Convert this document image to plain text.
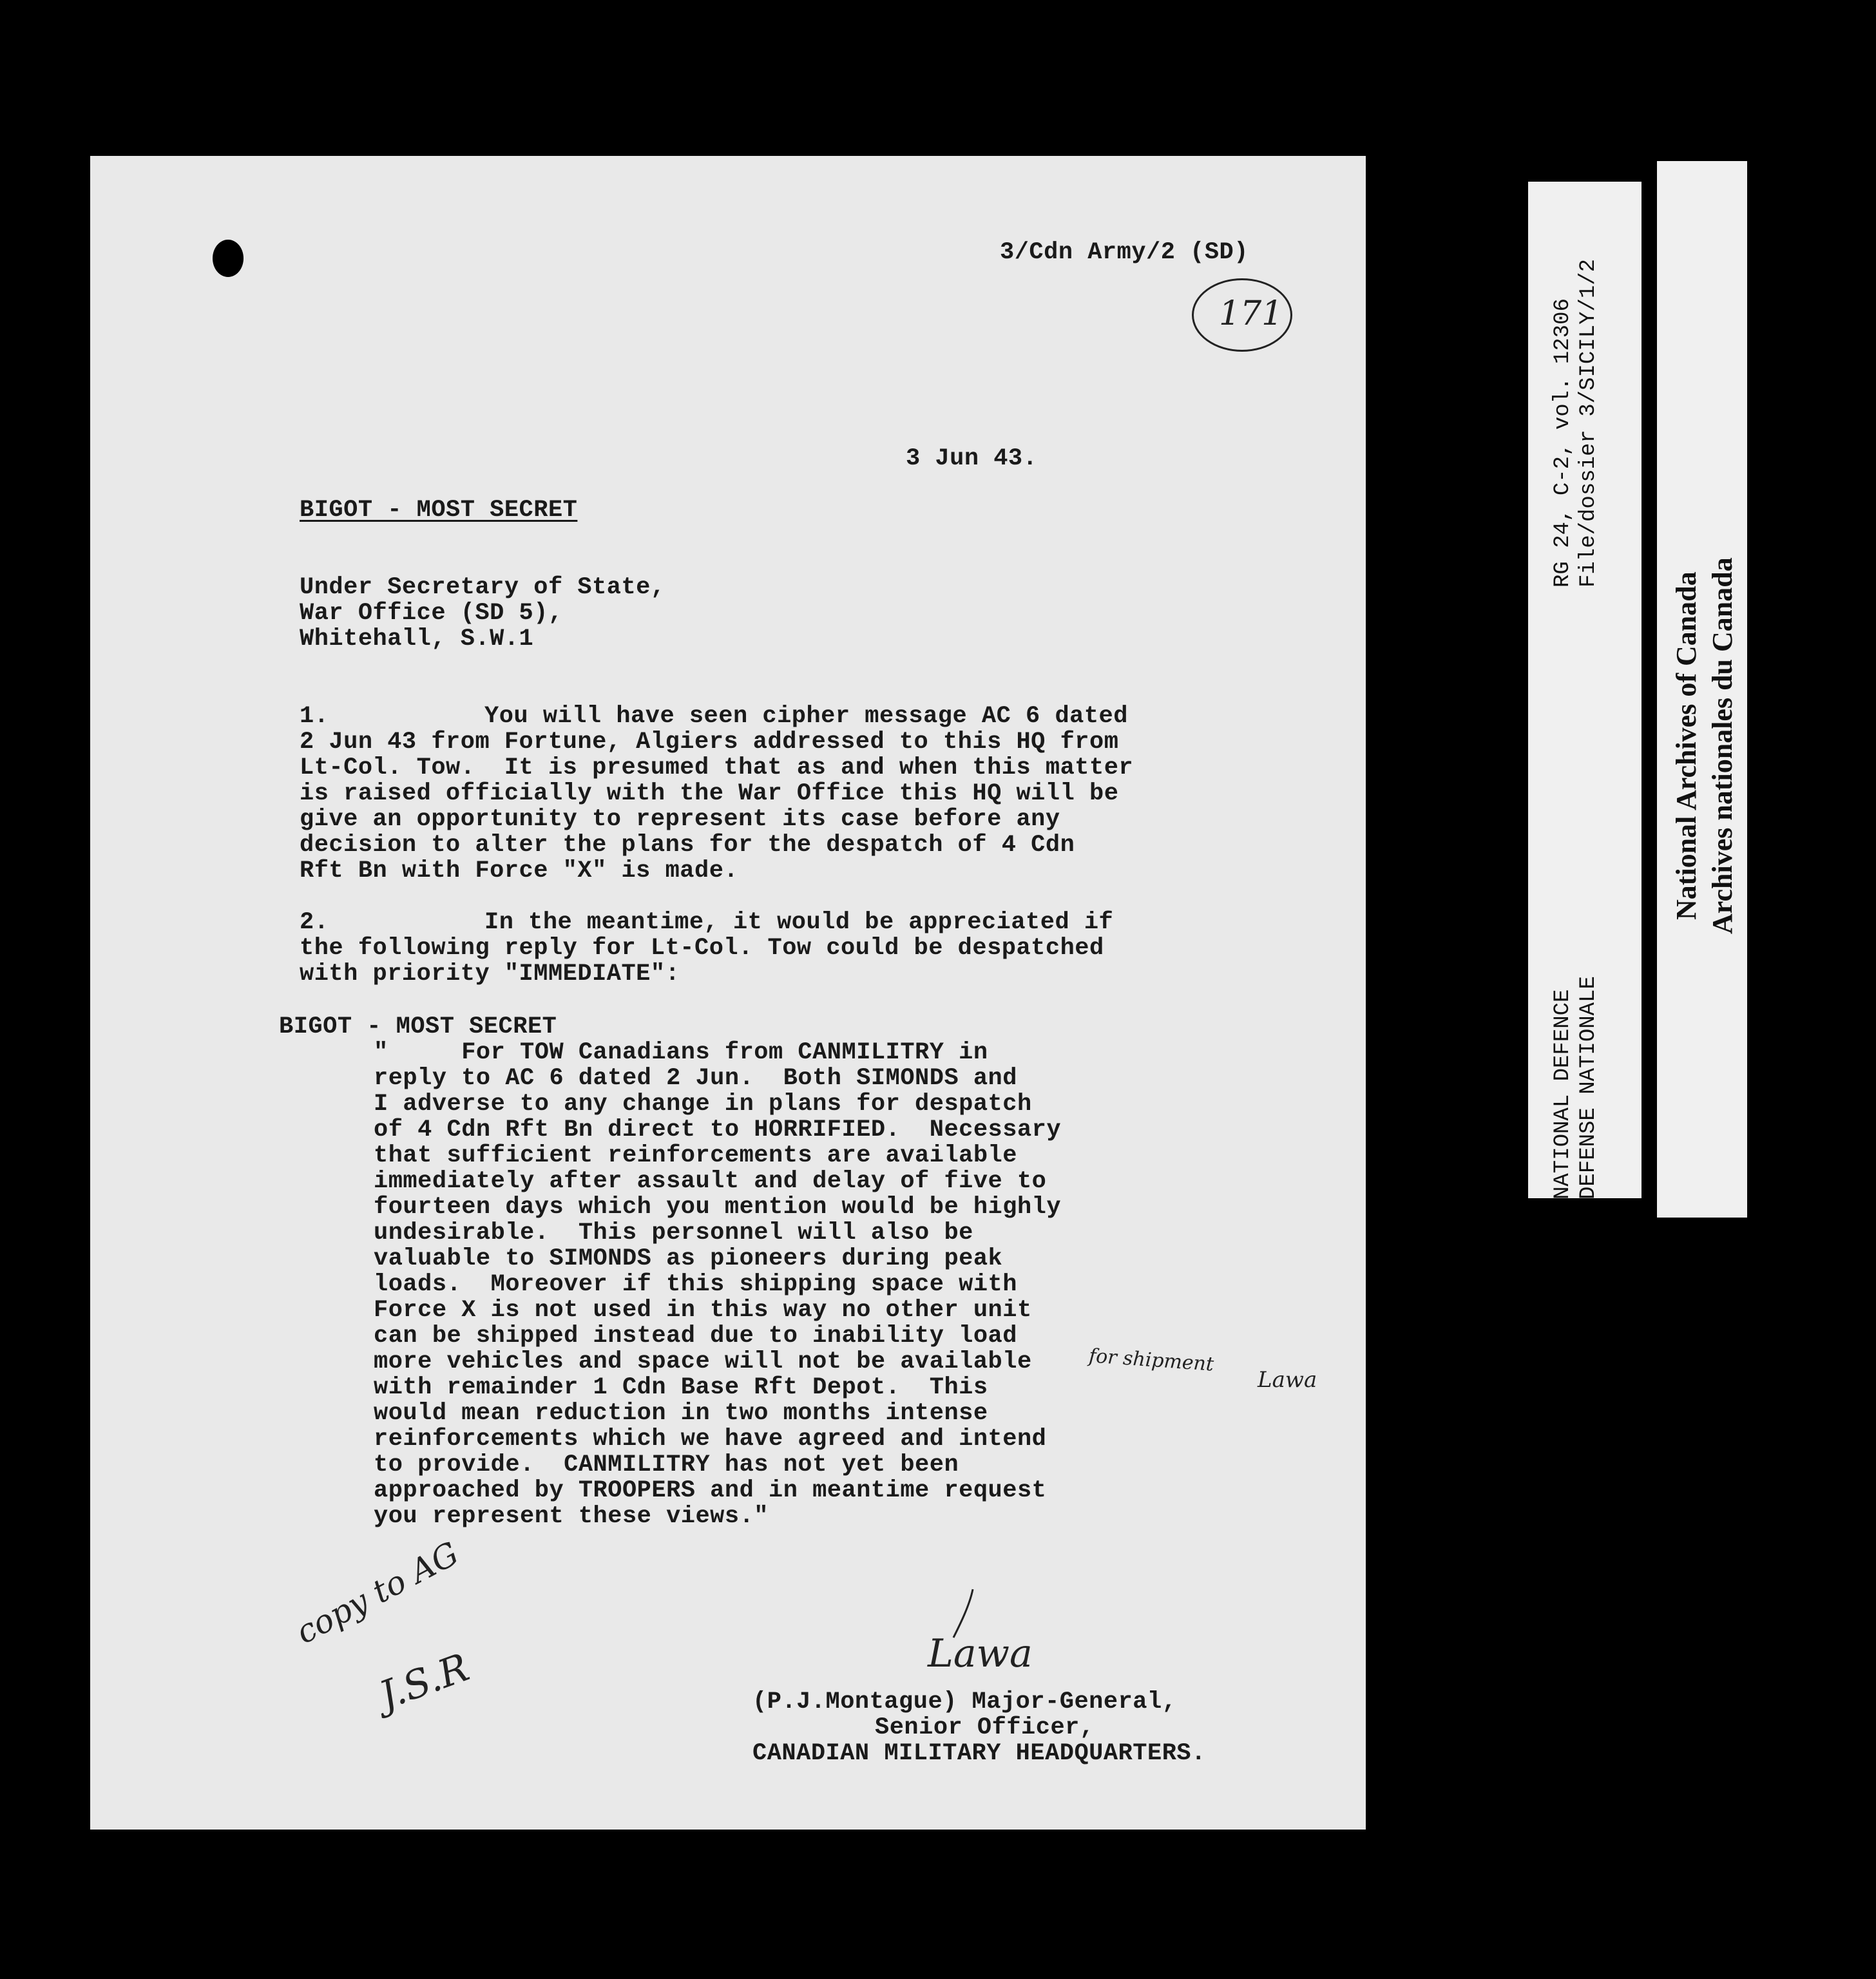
3/Cdn Army/2 (SD)
171
3 Jun 43.
BIGOT - MOST SECRET
Under Secretary of State,
War Office (SD 5),
Whitehall, S.W.1
1.	You will have seen cipher message AC 6 dated
2 Jun 43 from Fortune, Algiers addressed to this HQ from
Lt-Col. Tow.  It is presumed that as and when this matter
is raised officially with the War Office this HQ will be
give an opportunity to represent its case before any
decision to alter the plans for the despatch of 4 Cdn
Rft Bn with Force "X" is made.
2.	In the meantime, it would be appreciated if
the following reply for Lt-Col. Tow could be despatched
with priority "IMMEDIATE":
BIGOT - MOST SECRET
"     For TOW Canadians from CANMILITRY in
reply to AC 6 dated 2 Jun.  Both SIMONDS and
I adverse to any change in plans for despatch
of 4 Cdn Rft Bn direct to HORRIFIED.  Necessary
that sufficient reinforcements are available
immediately after assault and delay of five to
fourteen days which you mention would be highly
undesirable.  This personnel will also be
valuable to SIMONDS as pioneers during peak
loads.  Moreover if this shipping space with
Force X is not used in this way no other unit
can be shipped instead due to inability load
more vehicles and space will not be available
with remainder 1 Cdn Base Rft Depot.  This
would mean reduction in two months intense
reinforcements which we have agreed and intend
to provide.  CANMILITRY has not yet been
approached by TROOPERS and in meantime request
you represent these views."
for shipment
Lawa
copy to AG
J.S.R	Lawa
(P.J.Montague) Major-General,
Senior Officer,
CANADIAN MILITARY HEADQUARTERS.
RG 24, C-2, vol. 12306
File/dossier 3/SICILY/1/2
NATIONAL DEFENCE
DEFENSE NATIONALE
National Archives of Canada Archives nationales du Canada
